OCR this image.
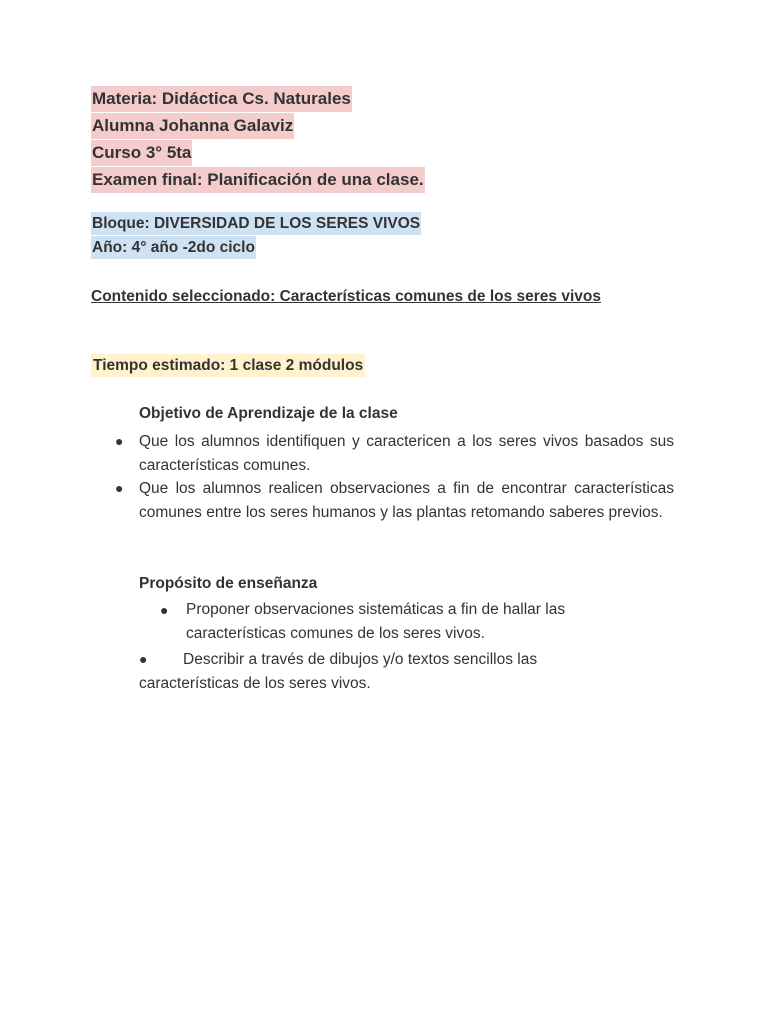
Materia: Didáctica Cs. Naturales
Alumna Johanna Galaviz
Curso 3° 5ta
Examen final: Planificación de una clase.
Bloque: DIVERSIDAD DE LOS SERES VIVOS
Año: 4° año -2do ciclo
Contenido seleccionado: Características comunes de los seres vivos
Tiempo estimado: 1 clase 2 módulos
Objetivo de Aprendizaje de la clase
● Que los alumnos identifiquen y caractericen a los seres vivos basados sus características comunes.
● Que los alumnos realicen observaciones a fin de encontrar características comunes entre los seres humanos y las plantas retomando saberes previos.
Propósito de enseñanza
● Proponer observaciones sistemáticas a fin de hallar las características comunes de los seres vivos.
● Describir a través de dibujos y/o textos sencillos las características de los seres vivos.
